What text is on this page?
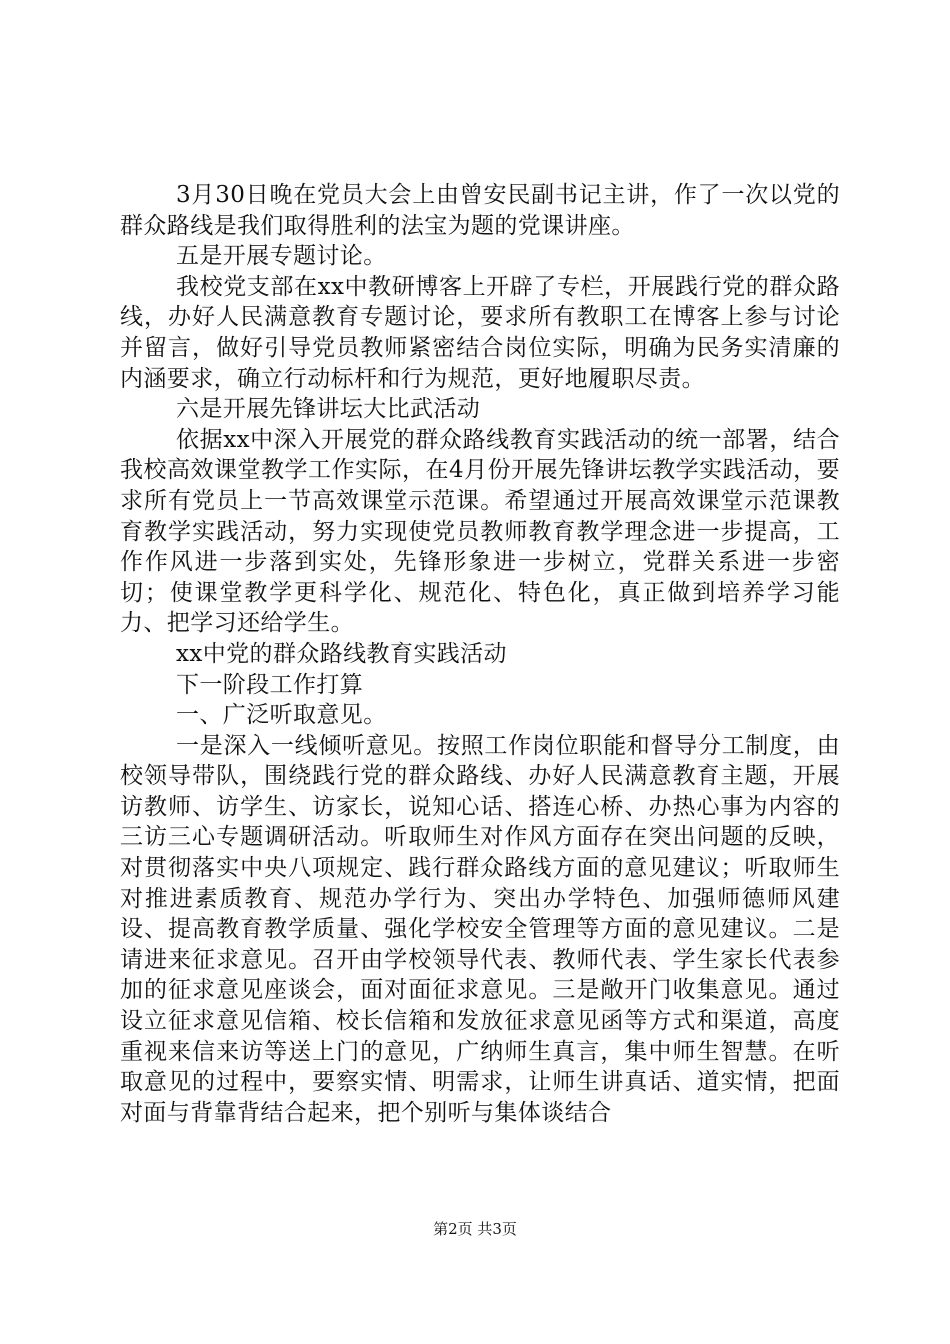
3月30日晚在党员大会上由曾安民副书记主讲，作了一次以党的群众路线是我们取得胜利的法宝为题的党课讲座。

五是开展专题讨论。

我校党支部在xx中教研博客上开辟了专栏，开展践行党的群众路线，办好人民满意教育专题讨论，要求所有教职工在博客上参与讨论并留言，做好引导党员教师紧密结合岗位实际，明确为民务实清廉的内涵要求，确立行动标杆和行为规范，更好地履职尽责。

六是开展先锋讲坛大比武活动

依据xx中深入开展党的群众路线教育实践活动的统一部署，结合我校高效课堂教学工作实际，在4月份开展先锋讲坛教学实践活动，要求所有党员上一节高效课堂示范课。希望通过开展高效课堂示范课教育教学实践活动，努力实现使党员教师教育教学理念进一步提高，工作作风进一步落到实处，先锋形象进一步树立，党群关系进一步密切；使课堂教学更科学化、规范化、特色化，真正做到培养学习能力、把学习还给学生。

xx中党的群众路线教育实践活动

下一阶段工作打算

一、广泛听取意见。

一是深入一线倾听意见。按照工作岗位职能和督导分工制度，由校领导带队，围绕践行党的群众路线、办好人民满意教育主题，开展访教师、访学生、访家长，说知心话、搭连心桥、办热心事为内容的三访三心专题调研活动。听取师生对作风方面存在突出问题的反映，对贯彻落实中央八项规定、践行群众路线方面的意见建议；听取师生对推进素质教育、规范办学行为、突出办学特色、加强师德师风建设、提高教育教学质量、强化学校安全管理等方面的意见建议。二是请进来征求意见。召开由学校领导代表、教师代表、学生家长代表参加的征求意见座谈会，面对面征求意见。三是敞开门收集意见。通过设立征求意见信箱、校长信箱和发放征求意见函等方式和渠道，高度重视来信来访等送上门的意见，广纳师生真言，集中师生智慧。在听取意见的过程中，要察实情、明需求，让师生讲真话、道实情，把面对面与背靠背结合起来，把个别听与集体谈结合

第2页 共3页
